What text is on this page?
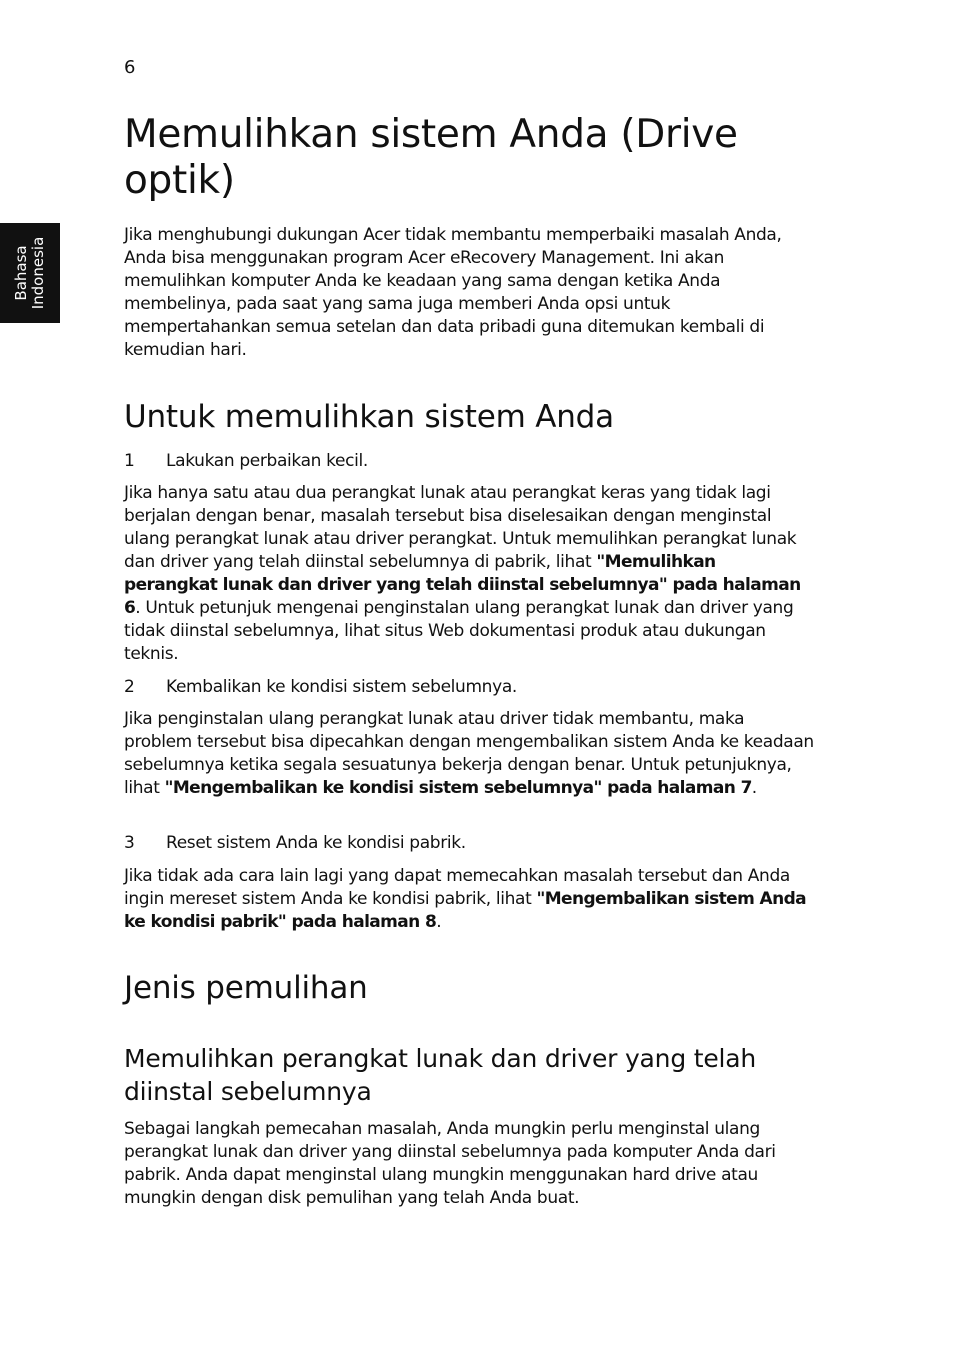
6
Bahasa Indonesia
Memulihkan sistem Anda (Drive optik)

Jika menghubungi dukungan Acer tidak membantu memperbaiki masalah Anda, Anda bisa menggunakan program Acer eRecovery Management. Ini akan memulihkan komputer Anda ke keadaan yang sama dengan ketika Anda membelinya, pada saat yang sama juga memberi Anda opsi untuk mempertahankan semua setelan dan data pribadi guna ditemukan kembali di kemudian hari.

Untuk memulihkan sistem Anda
1 Lakukan perbaikan kecil.

Jika hanya satu atau dua perangkat lunak atau perangkat keras yang tidak lagi berjalan dengan benar, masalah tersebut bisa diselesaikan dengan menginstal ulang perangkat lunak atau driver perangkat. Untuk memulihkan perangkat lunak dan driver yang telah diinstal sebelumnya di pabrik, lihat "Memulihkan perangkat lunak dan driver yang telah diinstal sebelumnya" pada halaman 6. Untuk petunjuk mengenai penginstalan ulang perangkat lunak dan driver yang tidak diinstal sebelumnya, lihat situs Web dokumentasi produk atau dukungan teknis.

2 Kembalikan ke kondisi sistem sebelumnya.

Jika penginstalan ulang perangkat lunak atau driver tidak membantu, maka problem tersebut bisa dipecahkan dengan mengembalikan sistem Anda ke keadaan sebelumnya ketika segala sesuatunya bekerja dengan benar. Untuk petunjuknya, lihat "Mengembalikan ke kondisi sistem sebelumnya" pada halaman 7.

3 Reset sistem Anda ke kondisi pabrik.

Jika tidak ada cara lain lagi yang dapat memecahkan masalah tersebut dan Anda ingin mereset sistem Anda ke kondisi pabrik, lihat "Mengembalikan sistem Anda ke kondisi pabrik" pada halaman 8.

Jenis pemulihan
Memulihkan perangkat lunak dan driver yang telah diinstal sebelumnya

Sebagai langkah pemecahan masalah, Anda mungkin perlu menginstal ulang perangkat lunak dan driver yang diinstal sebelumnya pada komputer Anda dari pabrik. Anda dapat menginstal ulang mungkin menggunakan hard drive atau mungkin dengan disk pemulihan yang telah Anda buat.
